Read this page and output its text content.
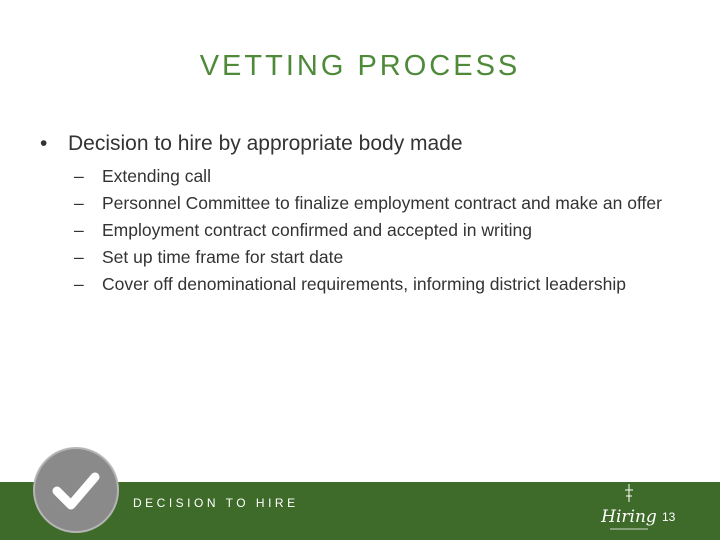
VETTING PROCESS
• Decision to hire by appropriate body made
– Extending call
– Personnel Committee to finalize employment contract and make an offer
– Employment contract confirmed and accepted in writing
– Set up time frame for start date
– Cover off denominational requirements, informing district leadership
DECISION TO HIRE
Hiring 13
